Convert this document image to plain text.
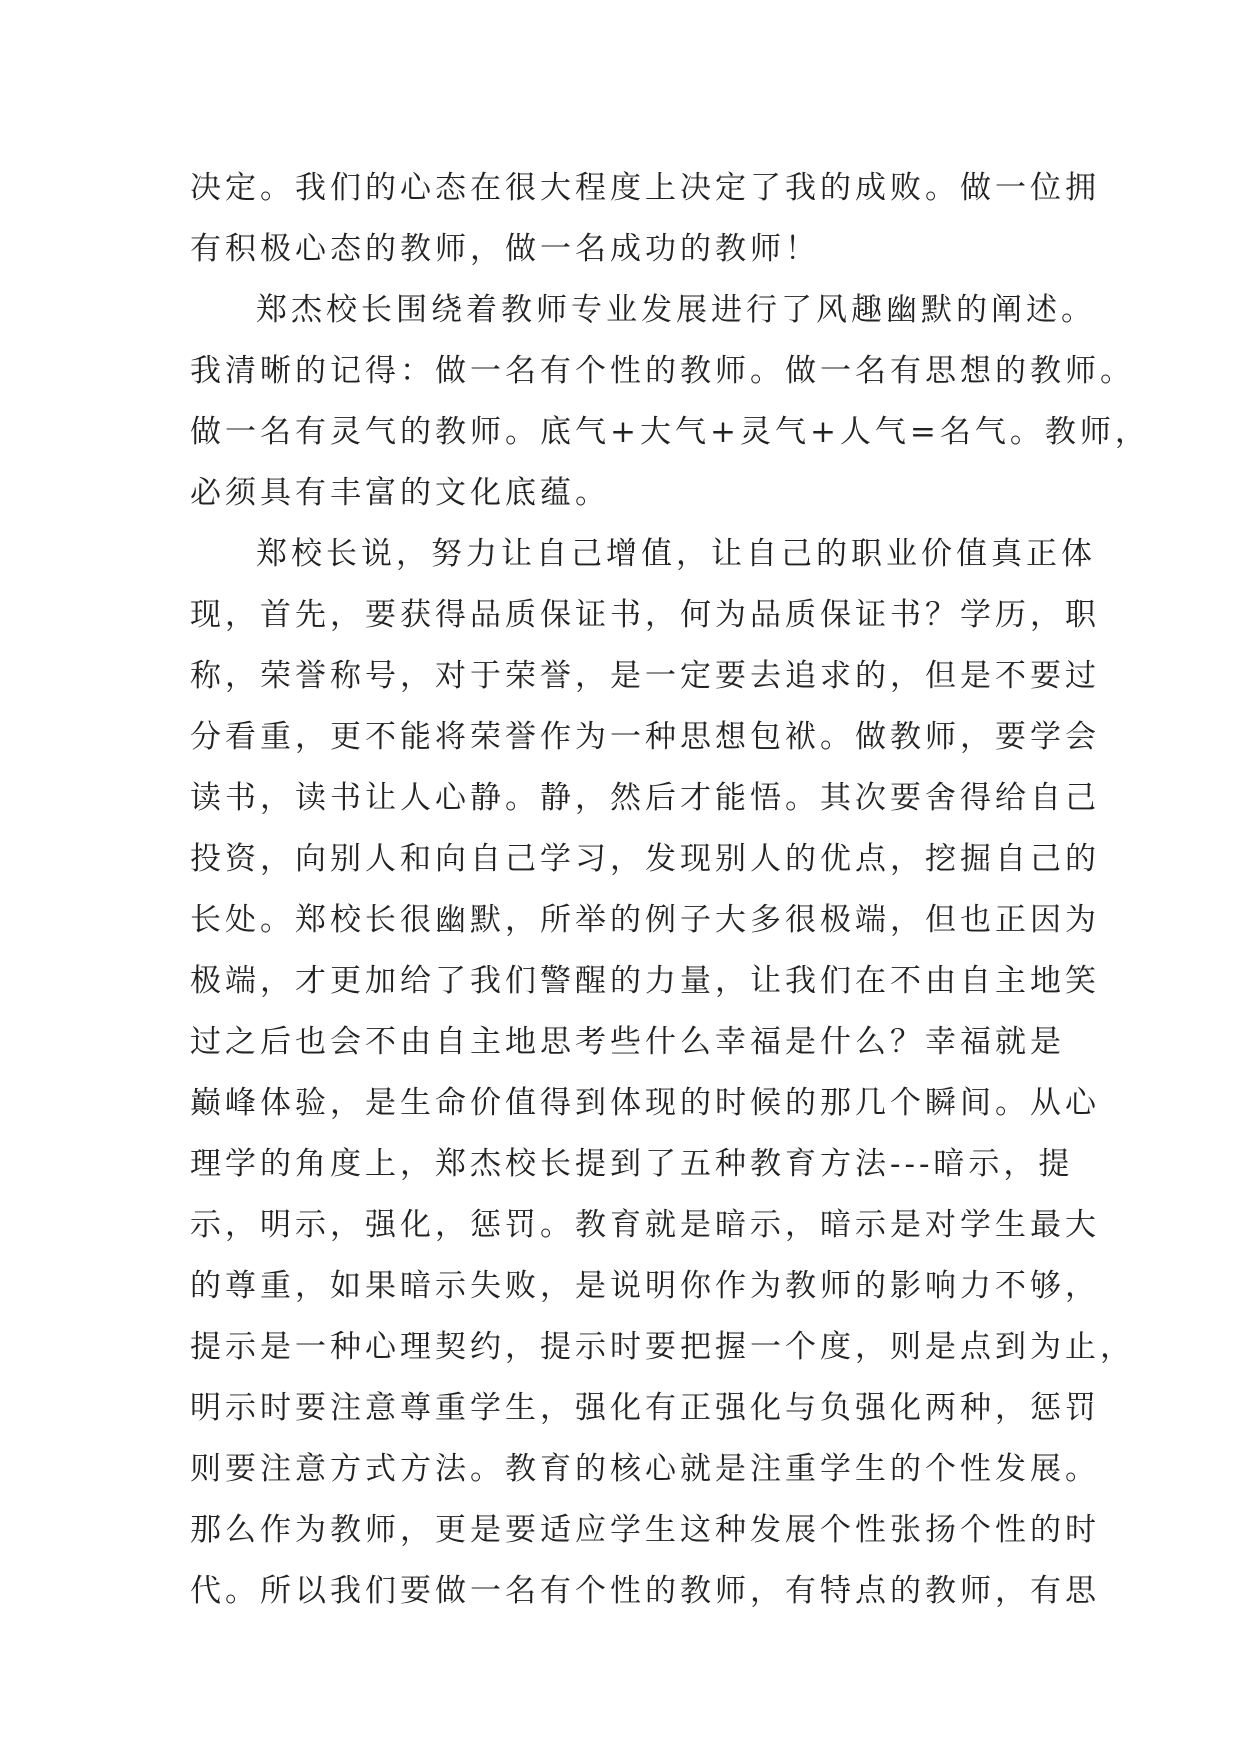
决定。我们的心态在很大程度上决定了我的成败。做一位拥
有积极心态的教师，做一名成功的教师！
郑杰校长围绕着教师专业发展进行了风趣幽默的阐述。
我清晰的记得：做一名有个性的教师。做一名有思想的教师。
做一名有灵气的教师。底气+大气+灵气+人气=名气。教师，
必须具有丰富的文化底蕴。
郑校长说，努力让自己增值，让自己的职业价值真正体
现，首先，要获得品质保证书，何为品质保证书？学历，职
称，荣誉称号，对于荣誉，是一定要去追求的，但是不要过
分看重，更不能将荣誉作为一种思想包袱。做教师，要学会
读书，读书让人心静。静，然后才能悟。其次要舍得给自己
投资，向别人和向自己学习，发现别人的优点，挖掘自己的
长处。郑校长很幽默，所举的例子大多很极端，但也正因为
极端，才更加给了我们警醒的力量，让我们在不由自主地笑
过之后也会不由自主地思考些什么幸福是什么？幸福就是
巅峰体验，是生命价值得到体现的时候的那几个瞬间。从心
理学的角度上，郑杰校长提到了五种教育方法---暗示，提
示，明示，强化，惩罚。教育就是暗示，暗示是对学生最大
的尊重，如果暗示失败，是说明你作为教师的影响力不够，
提示是一种心理契约，提示时要把握一个度，则是点到为止，
明示时要注意尊重学生，强化有正强化与负强化两种，惩罚
则要注意方式方法。教育的核心就是注重学生的个性发展。
那么作为教师，更是要适应学生这种发展个性张扬个性的时
代。所以我们要做一名有个性的教师，有特点的教师，有思
